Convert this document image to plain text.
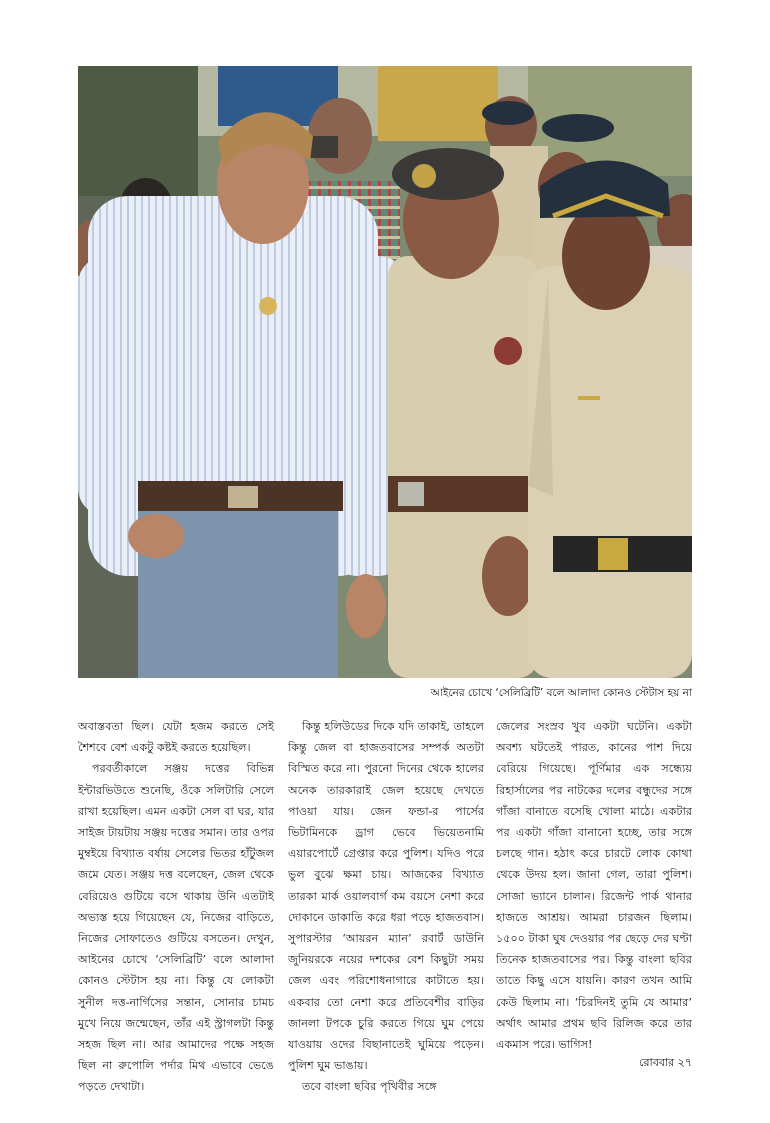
আইনের চোখে ‘সেলিব্রিটি’ বলে আলাদা কোনও স্টেটাস হয় না

অবাস্তবতা ছিল। যেটা হজম করতে সেই শৈশবে বেশ একটু কষ্টই করতে হয়েছিল।

পরবর্তীকালে সঞ্জয় দত্তের বিভিন্ন ইন্টারভিউতে শুনেছি, ওঁকে সলিটারি সেলে রাখা হয়েছিল। এমন একটা সেল বা ঘর, যার সাইজ টায়টায় সঞ্জয় দত্তের সমান। তার ওপর মুম্বইয়ে বিখ্যাত বর্ষায় সেলের ভিতর হাঁটুজল জমে যেত। সঞ্জয় দত্ত বলেছেন, জেল থেকে বেরিয়েও গুটিয়ে বসে থাকায় উনি এতটাই অভ্যস্ত হয়ে গিয়েছেন যে, নিজের বাড়িতে, নিজের সোফাতেও গুটিয়ে বসতেন। দেখুন, আইনের চোখে ‘সেলিব্রিটি’ বলে আলাদা কোনও স্টেটাস হয় না। কিন্তু যে লোকটা সুনীল দত্ত-নার্গিসের সন্তান, সোনার চামচ মুখে নিয়ে জন্মেছেন, তাঁর এই স্ট্রাগলটা কিন্তু সহজ ছিল না। আর আমাদের পক্ষে সহজ ছিল না রুপোলি পর্দার মিথ এভাবে ভেঙে পড়তে দেখাটা।

কিন্তু হলিউডের দিকে যদি তাকাই, তাহলে কিন্তু জেল বা হাজতবাসের সম্পর্ক অতটা বিস্মিত করে না। পুরনো দিনের থেকে হালের অনেক তারকারাই জেল হয়েছে দেখতে পাওয়া যায়। জেন ফন্ডা-র পার্সের ভিটামিনকে ড্রাগ ভেবে ভিয়েতনামি এয়ারপোর্টে গ্রেপ্তার করে পুলিশ। যদিও পরে ভুল বুঝে ক্ষমা চায়। আজকের বিখ্যাত তারকা মার্ক ওয়ালবার্গ কম বয়সে নেশা করে দোকানে ডাকাতি করে ধরা পড়ে হাজতবাস। সুপারস্টার ‘আয়রন ম্যান’ রবার্ট ডাউনি জুনিয়রকে নয়ের দশকের বেশ কিছুটা সময় জেল এবং পরিশোধনাগারে কাটাতে হয়। একবার তো নেশা করে প্রতিবেশীর বাড়ির জানলা টপকে চুরি করতে গিয়ে ঘুম পেয়ে যাওয়ায় ওদের বিছানাতেই ঘুমিয়ে পড়েন। পুলিশ ঘুম ভাঙায়।

তবে বাংলা ছবির পৃথিবীর সঙ্গে

জেলের সংস্রব খুব একটা ঘটেনি। একটা অবশ্য ঘটতেই পারত, কানের পাশ দিয়ে বেরিয়ে গিয়েছে। পূর্ণিমার এক সন্ধ্যেয় রিহার্সালের পর নাটকের দলের বন্ধুদের সঙ্গে গাঁজা বানাতে বসেছি খোলা মাঠে। একটার পর একটা গাঁজা বানানো হচ্ছে, তার সঙ্গে চলছে গান। হঠাৎ করে চারটে লোক কোথা থেকে উদয় হল। জানা গেল, তারা পুলিশ। সোজা ভ্যানে চালান। রিজেন্ট পার্ক থানার হাজতে আশ্রয়। আমরা চারজন ছিলাম। ১৫০০ টাকা ঘুষ দেওয়ার পর ছেড়ে দের ঘণ্টা তিনেক হাজতবাসের পর। কিন্তু বাংলা ছবির তাতে কিছু এসে যায়নি। কারণ তখন আমি কেউ ছিলাম না। ‘চিরদিনই তুমি যে আমার’ অর্থাৎ আমার প্রথম ছবি রিলিজ করে তার একমাস পরে। ভাগিস!

রোববার ২৭
